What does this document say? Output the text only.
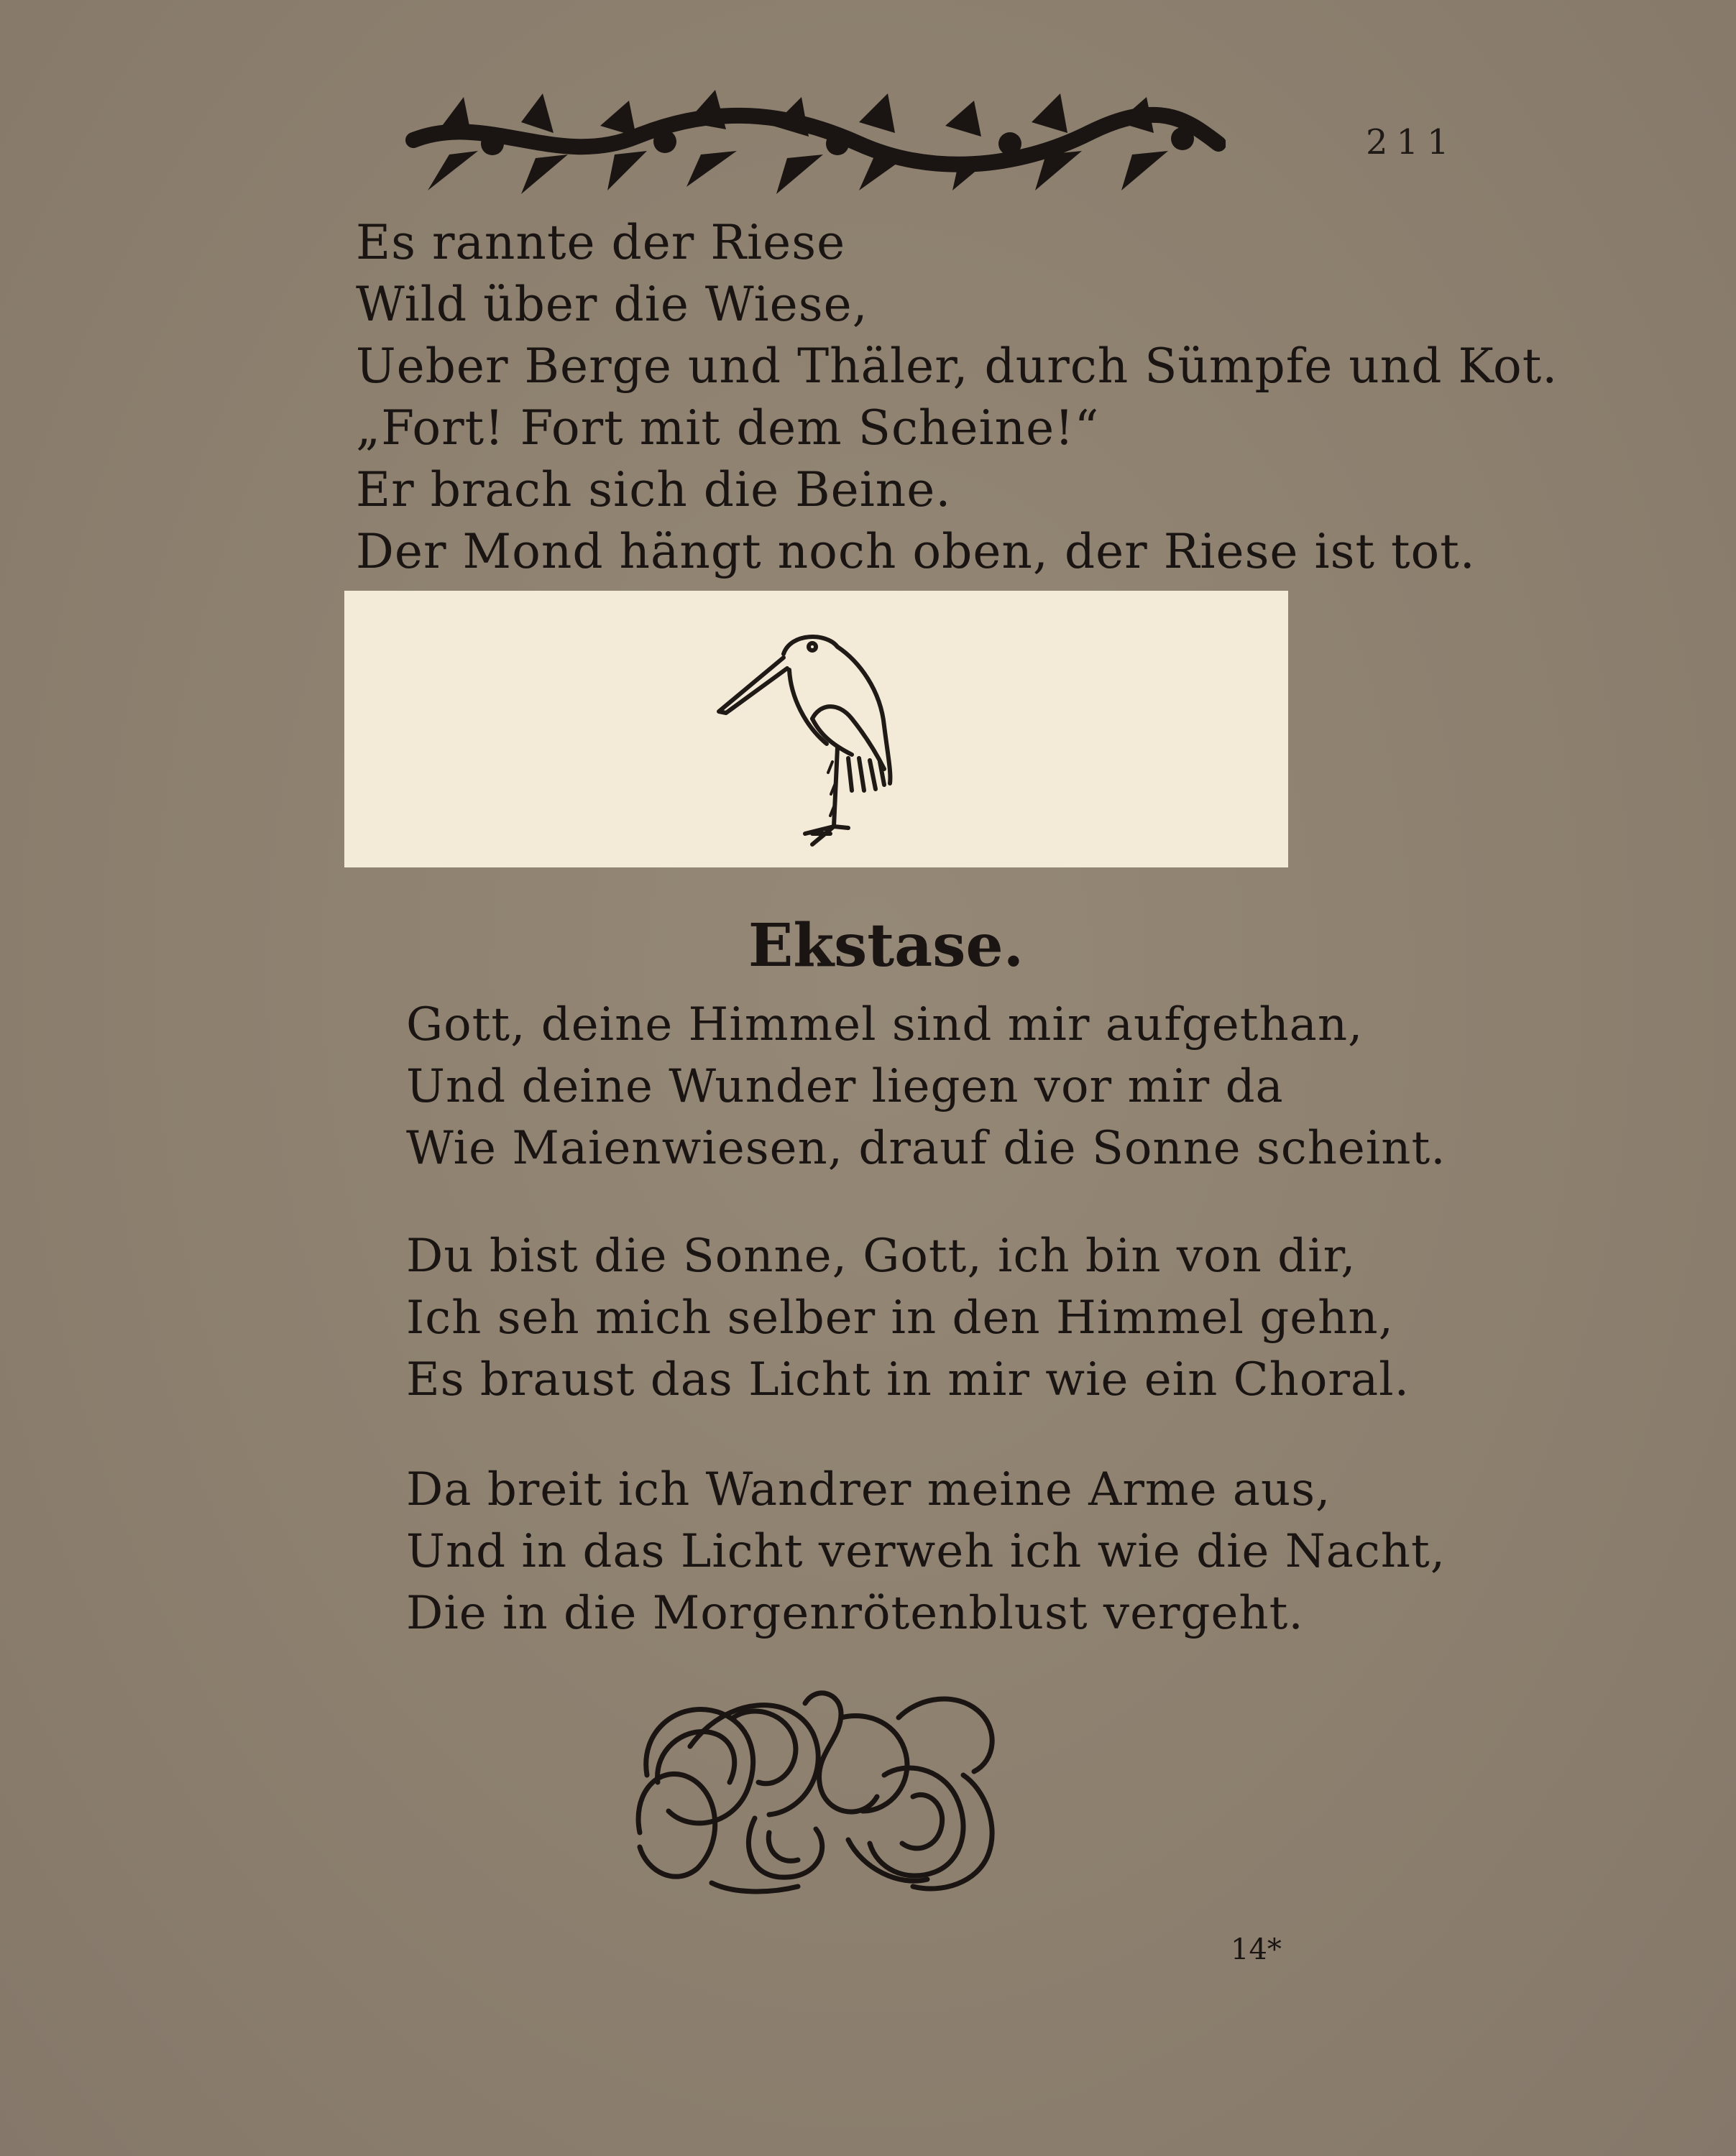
211
Es rannte der Riese
Wild über die Wiese,
Ueber Berge und Thäler, durch Sümpfe und Kot.
„Fort! Fort mit dem Scheine!“
Er brach sich die Beine.
Der Mond hängt noch oben, der Riese ist tot.
Ekstase.
Gott, deine Himmel sind mir aufgethan,
Und deine Wunder liegen vor mir da
Wie Maienwiesen, drauf die Sonne scheint.
Du bist die Sonne, Gott, ich bin von dir,
Ich seh mich selber in den Himmel gehn,
Es braust das Licht in mir wie ein Choral.
Da breit ich Wandrer meine Arme aus,
Und in das Licht verweh ich wie die Nacht,
Die in die Morgenrötenblust vergeht.
14*
